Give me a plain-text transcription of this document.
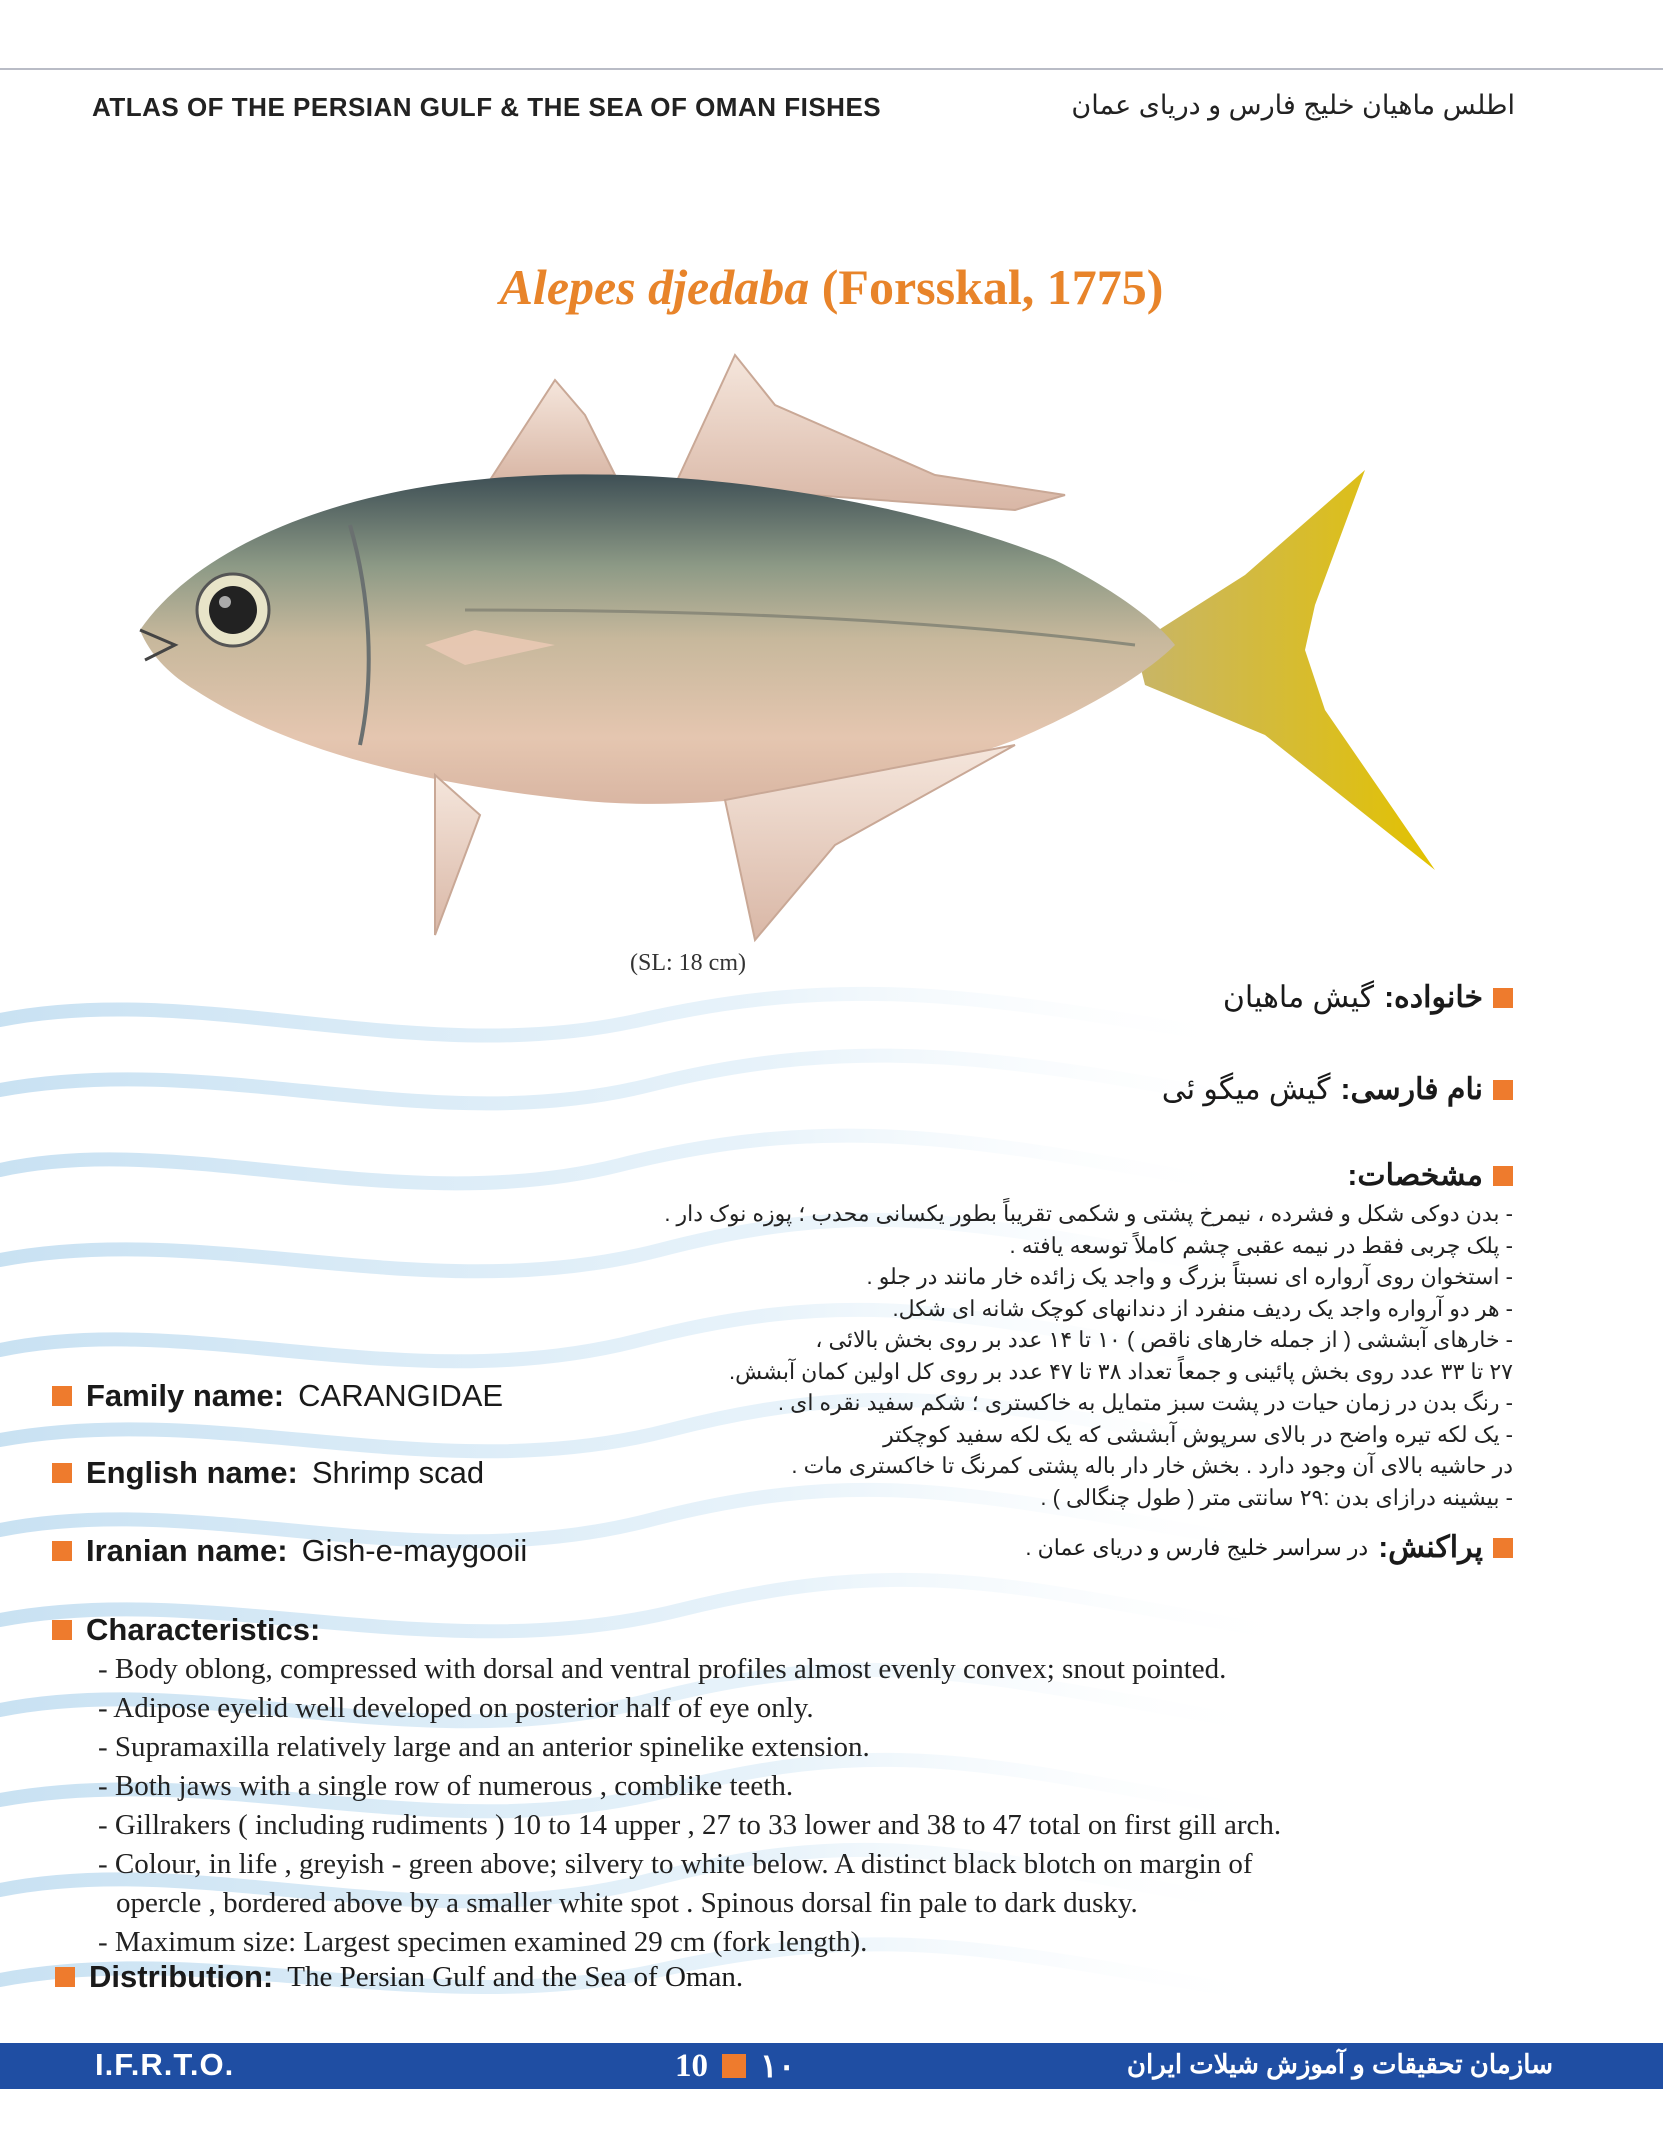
ATLAS OF THE PERSIAN GULF & THE SEA OF OMAN FISHES	اطلس ماهیان خلیج فارس و دریای عمان
Alepes djedaba (Forsskal, 1775)
(SL: 18 cm)
خانواده:
گیش ماهیان
نام فارسی:
گیش میگو ئی
مشخصات:
- بدن دوکی شکل و فشرده ، نیمرخ پشتی و شکمی تقریباً بطور یکسانی محدب ؛ پوزه نوک دار .
- پلک چربی فقط در نیمه عقبی چشم کاملاً توسعه یافته .
- استخوان روی آرواره ای نسبتاً بزرگ و واجد یک زائده خار مانند در جلو .
- هر دو آرواره واجد یک ردیف منفرد از دندانهای کوچک شانه ای شکل.
- خارهای آبششی ( از جمله خارهای ناقص ) ۱۰ تا ۱۴ عدد بر روی بخش بالائی ،
۲۷ تا ۳۳ عدد روی بخش پائینی و جمعاً تعداد ۳۸ تا ۴۷ عدد بر روی کل اولین کمان آبشش.
- رنگ بدن در زمان حیات در پشت سبز متمایل به خاکستری ؛ شکم سفید نقره ای .
- یک لکه تیره واضح در بالای سرپوش آبششی که یک لکه سفید کوچکتر
در حاشیه بالای آن وجود دارد . بخش خار دار باله پشتی کمرنگ تا خاکستری مات .
- بیشینه درازای بدن :۲۹ سانتی متر ( طول چنگالی ) .
پراکنش:
در سراسر خلیج فارس و دریای عمان .
Family name: CARANGIDAE
English name: Shrimp scad
Iranian name: Gish-e-maygooii
Characteristics:
- Body oblong, compressed with dorsal and ventral profiles almost evenly convex; snout pointed.
- Adipose eyelid well developed on posterior half of eye only.
- Supramaxilla relatively large and an anterior spinelike extension.
- Both jaws with a single row of numerous , comblike teeth.
- Gillrakers ( including rudiments ) 10 to 14 upper , 27 to 33 lower and 38 to 47 total on first gill arch.
- Colour, in life , greyish - green above; silvery to white below. A distinct black blotch on margin of
opercle , bordered above by a smaller white spot . Spinous dorsal fin pale to dark dusky.
- Maximum size: Largest specimen examined 29 cm (fork length).
Distribution: The Persian Gulf and the Sea of Oman.
I.F.R.T.O.	10 ۱۰	سازمان تحقیقات و آموزش شیلات ایران
